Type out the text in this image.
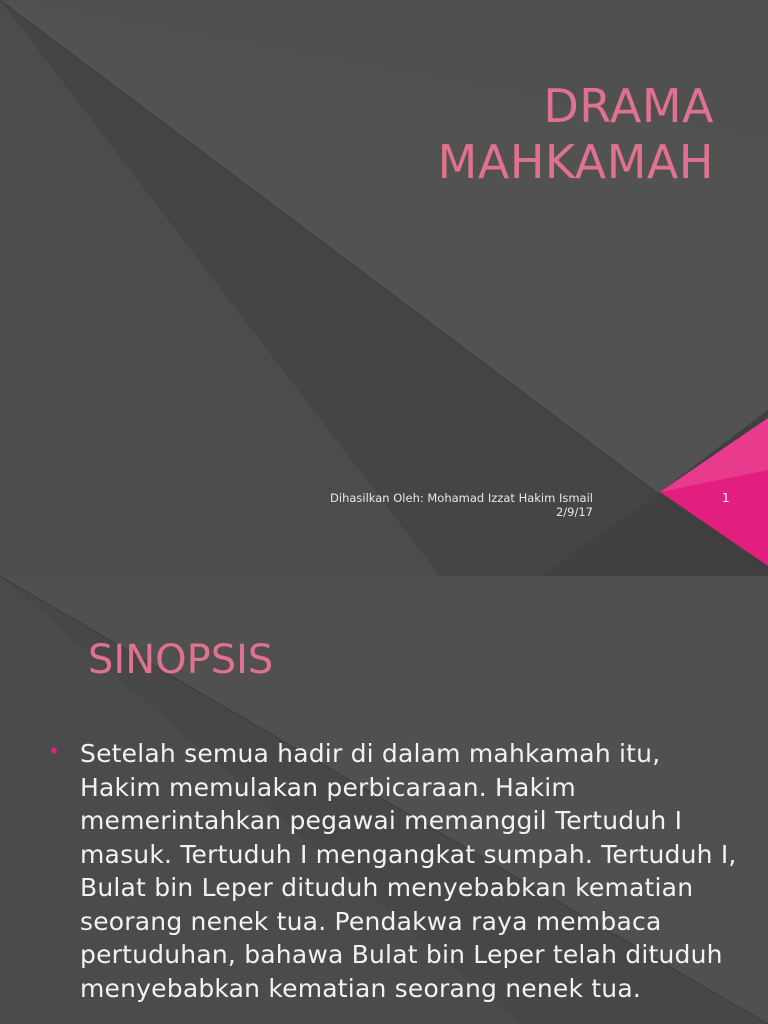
DRAMA
MAHKAMAH
Dihasilkan Oleh: Mohamad Izzat Hakim Ismail
2/9/17
1
SINOPSIS
• Setelah semua hadir di dalam mahkamah itu, Hakim memulakan perbicaraan. Hakim memerintahkan pegawai memanggil Tertuduh I masuk. Tertuduh I mengangkat sumpah. Tertuduh I, Bulat bin Leper dituduh menyebabkan kematian seorang nenek tua. Pendakwa raya membaca pertuduhan, bahawa Bulat bin Leper telah dituduh menyebabkan kematian seorang nenek tua.
